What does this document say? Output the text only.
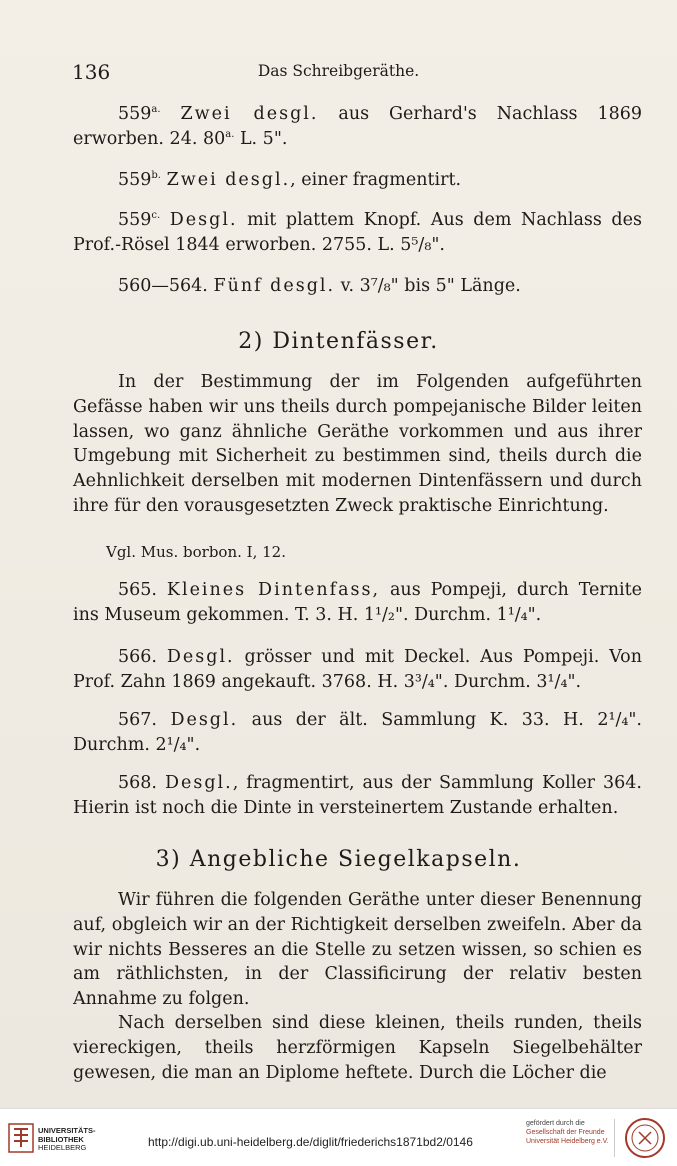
136	Das Schreibgeräthe.

$559^{a.}$ Zwei desgl. aus Gerhard's Nachlass 1869 erworben. 24. $80^{a.}$ L. 5".

$559^{b.}$ Zwei desgl., einer fragmentirt.

$559^{c.}$ Desgl. mit plattem Knopf. Aus dem Nachlass des Prof.-Rösel 1844 erworben. 2755. L. 5⁵/₈".

560—564. Fünf desgl. v. 3⁷/₈" bis 5" Länge.

2) Dintenfässer.

In der Bestimmung der im Folgenden aufgeführten Gefässe haben wir uns theils durch pompejanische Bilder leiten lassen, wo ganz ähnliche Geräthe vorkommen und aus ihrer Umgebung mit Sicherheit zu bestimmen sind, theils durch die Aehnlichkeit derselben mit modernen Dintenfässern und durch ihre für den vorausgesetzten Zweck praktische Einrichtung.

Vgl. Mus. borbon. I, 12.

565. Kleines Dintenfass, aus Pompeji, durch Ternite ins Museum gekommen. T. 3. H. 1¹/₂". Durchm. 1¹/₄".

566. Desgl. grösser und mit Deckel. Aus Pompeji. Von Prof. Zahn 1869 angekauft. 3768. H. 3³/₄". Durchm. 3¹/₄".

567. Desgl. aus der ält. Sammlung K. 33. H. 2¹/₄". Durchm. 2¹/₄".

568. Desgl., fragmentirt, aus der Sammlung Koller 364. Hierin ist noch die Dinte in versteinertem Zustande erhalten.

3) Angebliche Siegelkapseln.

Wir führen die folgenden Geräthe unter dieser Benennung auf, obgleich wir an der Richtigkeit derselben zweifeln. Aber da wir nichts Besseres an die Stelle zu setzen wissen, so schien es am räthlichsten, in der Classificirung der relativ besten Annahme zu folgen.

Nach derselben sind diese kleinen, theils runden, theils viereckigen, theils herzförmigen Kapseln Siegelbehälter gewesen, die man an Diplome heftete. Durch die Löcher die

UNIVERSITÄTS-
BIBLIOTHEK
HEIDELBERG	http://digi.ub.uni-heidelberg.de/diglit/friederichs1871bd2/0146
gefördert durch die
Gesellschaft der Freunde
Universität Heidelberg e.V.
